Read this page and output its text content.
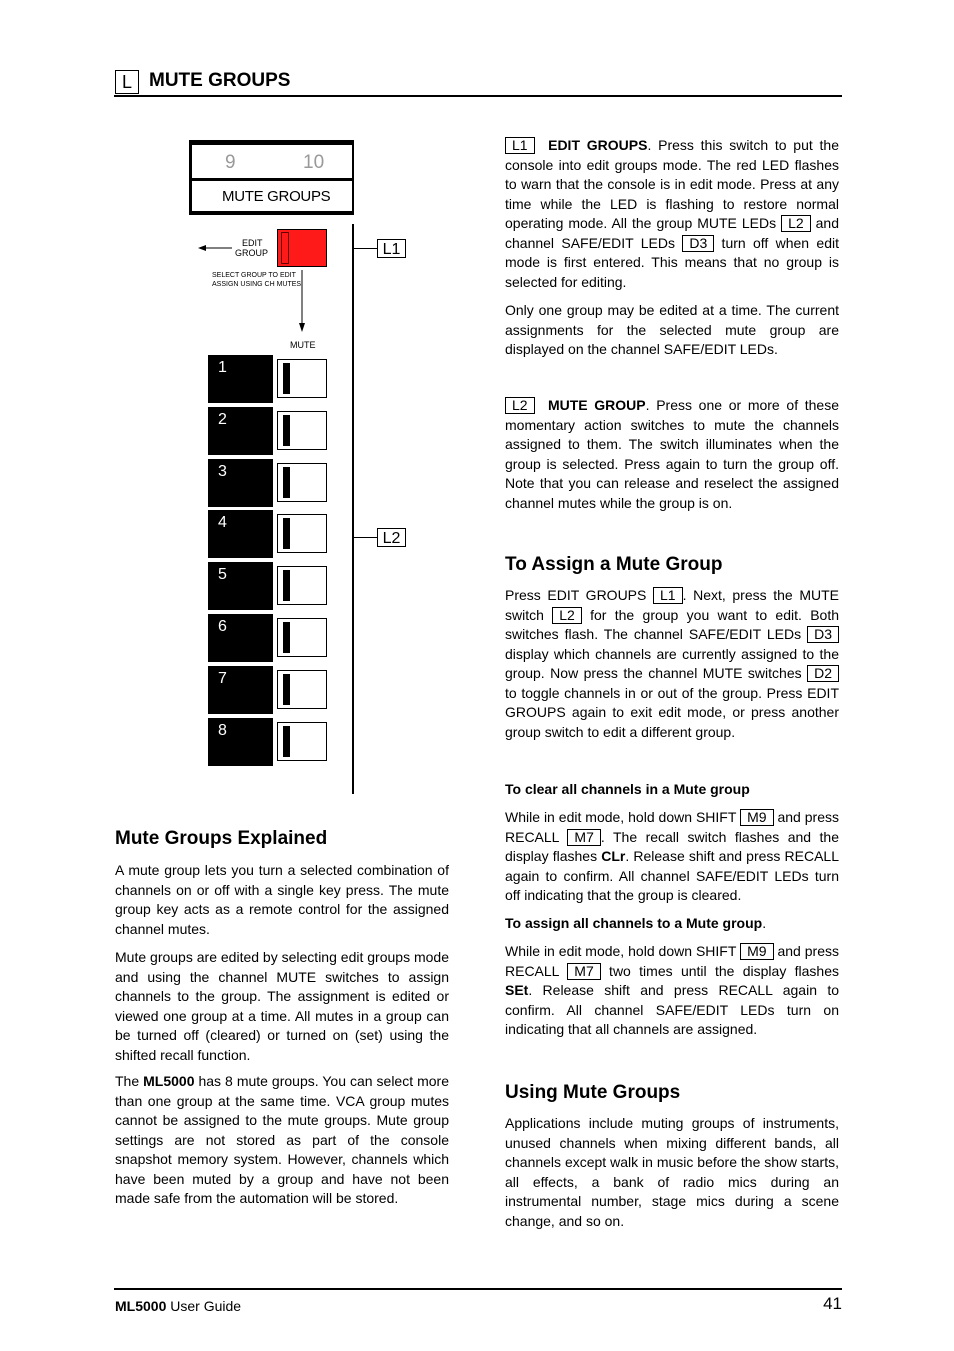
L MUTE GROUPS
9	10
MUTE GROUPS
EDIT
GROUP
SELECT GROUP TO EDIT
ASSIGN USING CH MUTES
MUTE
L1
L2
1
2
3
4
5
6
7
8
Mute Groups Explained
A mute group lets you turn a selected combination of channels on or off with a single key press. The mute group key acts as a remote control for the assigned channel mutes.
Mute groups are edited by selecting edit groups mode and using the channel MUTE switches to assign channels to the group. The assignment is edited or viewed one group at a time. All mutes in a group can be turned off (cleared) or turned on (set) using the shifted recall function.
The ML5000 has 8 mute groups. You can select more than one group at the same time. VCA group mutes cannot be assigned to the mute groups. Mute group settings are not stored as part of the console snapshot memory system. However, channels which have been muted by a group and have not been made safe from the automation will be stored.
L1 EDIT GROUPS. Press this switch to put the console into edit groups mode. The red LED flashes to warn that the console is in edit mode. Press at any time while the LED is flashing to restore normal operating mode. All the group MUTE LEDs L2 and channel SAFE/EDIT LEDs D3 turn off when edit mode is first entered. This means that no group is selected for editing.
Only one group may be edited at a time. The current assignments for the selected mute group are displayed on the channel SAFE/EDIT LEDs.
L2 MUTE GROUP. Press one or more of these momentary action switches to mute the channels assigned to them. The switch illuminates when the group is selected. Press again to turn the group off. Note that you can release and reselect the assigned channel mutes while the group is on.
To Assign a Mute Group
Press EDIT GROUPS L1 . Next, press the MUTE switch L2 for the group you want to edit. Both switches flash. The channel SAFE/EDIT LEDs D3 display which channels are currently assigned to the group. Now press the channel MUTE switches D2 to toggle channels in or out of the group. Press EDIT GROUPS again to exit edit mode, or press another group switch to edit a different group.
To clear all channels in a Mute group
While in edit mode, hold down SHIFT M9 and press RECALL M7 . The recall switch flashes and the display flashes CLr. Release shift and press RECALL again to confirm. All channel SAFE/EDIT LEDs turn off indicating that the group is cleared.
To assign all channels to a Mute group.
While in edit mode, hold down SHIFT M9 and press RECALL M7 two times until the display flashes SEt. Release shift and press RECALL again to confirm. All channel SAFE/EDIT LEDs turn on indicating that all channels are assigned.
Using Mute Groups
Applications include muting groups of instruments, unused channels when mixing different bands, all channels except walk in music before the show starts, all effects, a bank of radio mics during an instrumental number, stage mics during a scene change, and so on.
ML5000 User Guide	41
